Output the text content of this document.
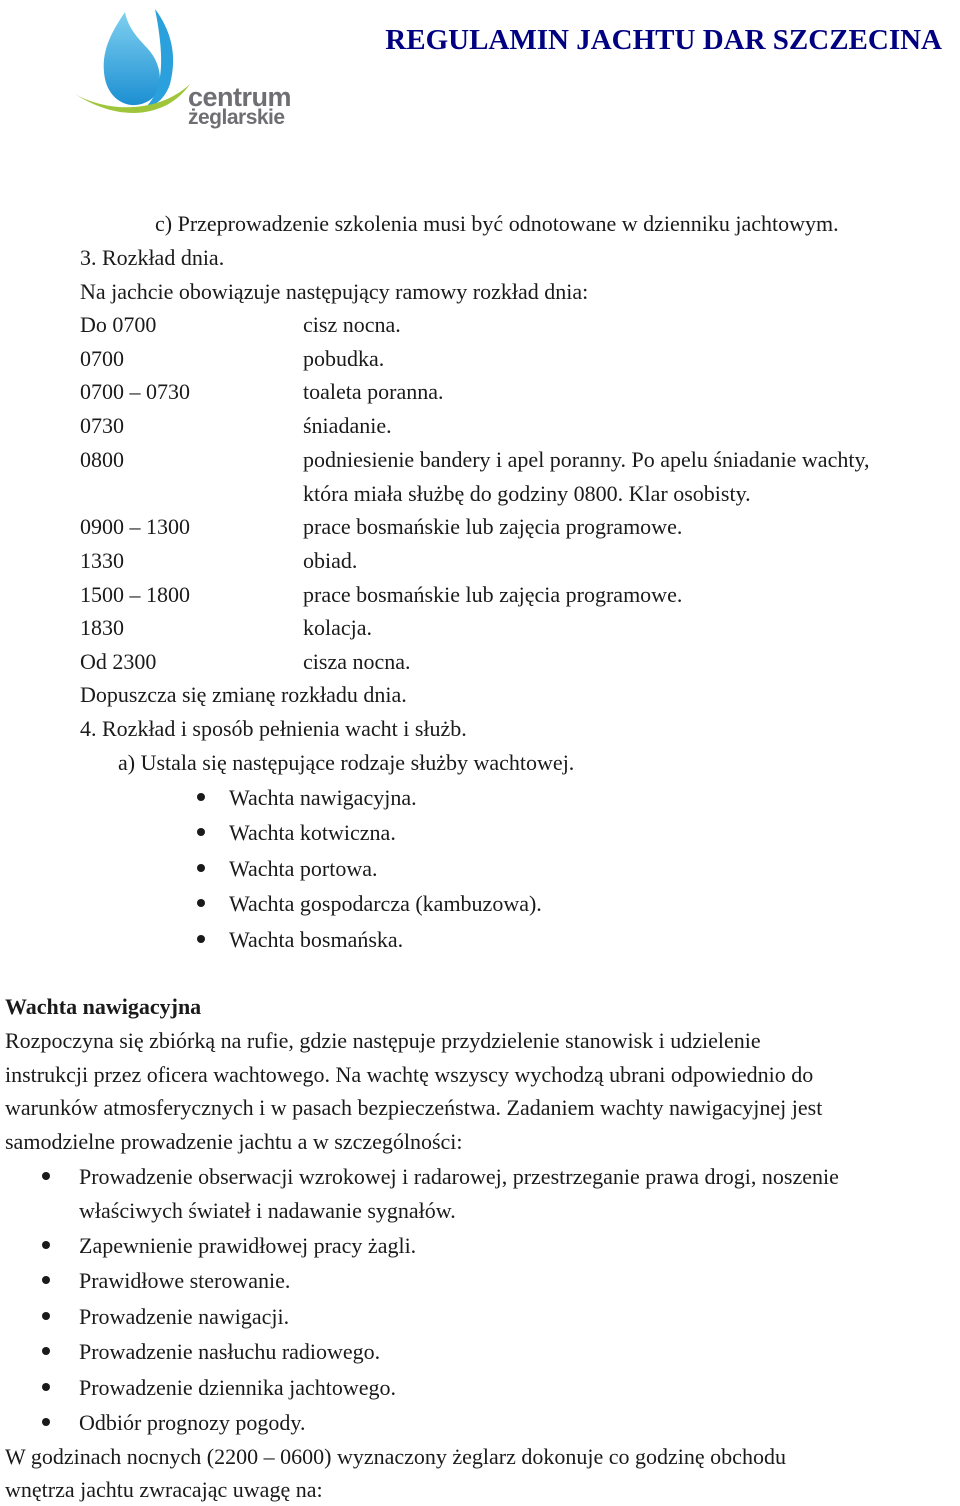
centrum
żeglarskie
REGULAMIN JACHTU DAR SZCZECINA
c) Przeprowadzenie szkolenia musi być odnotowane w dzienniku jachtowym.
3. Rozkład dnia.
Na jachcie obowiązuje następujący ramowy rozkład dnia:
Do 0700	cisz nocna.
0700	pobudka.
0700 – 0730	toaleta poranna.
0730	śniadanie.
0800	podniesienie bandery i apel poranny. Po apelu śniadanie wachty,
która miała służbę do godziny 0800. Klar osobisty.
0900 – 1300	prace bosmańskie lub zajęcia programowe.
1330	obiad.
1500 – 1800	prace bosmańskie lub zajęcia programowe.
1830	kolacja.
Od 2300	cisza nocna.
Dopuszcza się zmianę rozkładu dnia.
4. Rozkład i sposób pełnienia wacht i służb.
a) Ustala się następujące rodzaje służby wachtowej.
Wachta nawigacyjna.
Wachta kotwiczna.
Wachta portowa.
Wachta gospodarcza (kambuzowa).
Wachta bosmańska.
Wachta nawigacyjna
Rozpoczyna się zbiórką na rufie, gdzie następuje przydzielenie stanowisk i udzielenie
instrukcji przez oficera wachtowego. Na wachtę wszyscy wychodzą ubrani odpowiednio do
warunków atmosferycznych i w pasach bezpieczeństwa. Zadaniem wachty nawigacyjnej jest
samodzielne prowadzenie jachtu a w szczególności:
Prowadzenie obserwacji wzrokowej i radarowej, przestrzeganie prawa drogi, noszenie
właściwych świateł i nadawanie sygnałów.
Zapewnienie prawidłowej pracy żagli.
Prawidłowe sterowanie.
Prowadzenie nawigacji.
Prowadzenie nasłuchu radiowego.
Prowadzenie dziennika jachtowego.
Odbiór prognozy pogody.
W godzinach nocnych (2200 – 0600) wyznaczony żeglarz dokonuje co godzinę obchodu
wnętrza jachtu zwracając uwagę na:
